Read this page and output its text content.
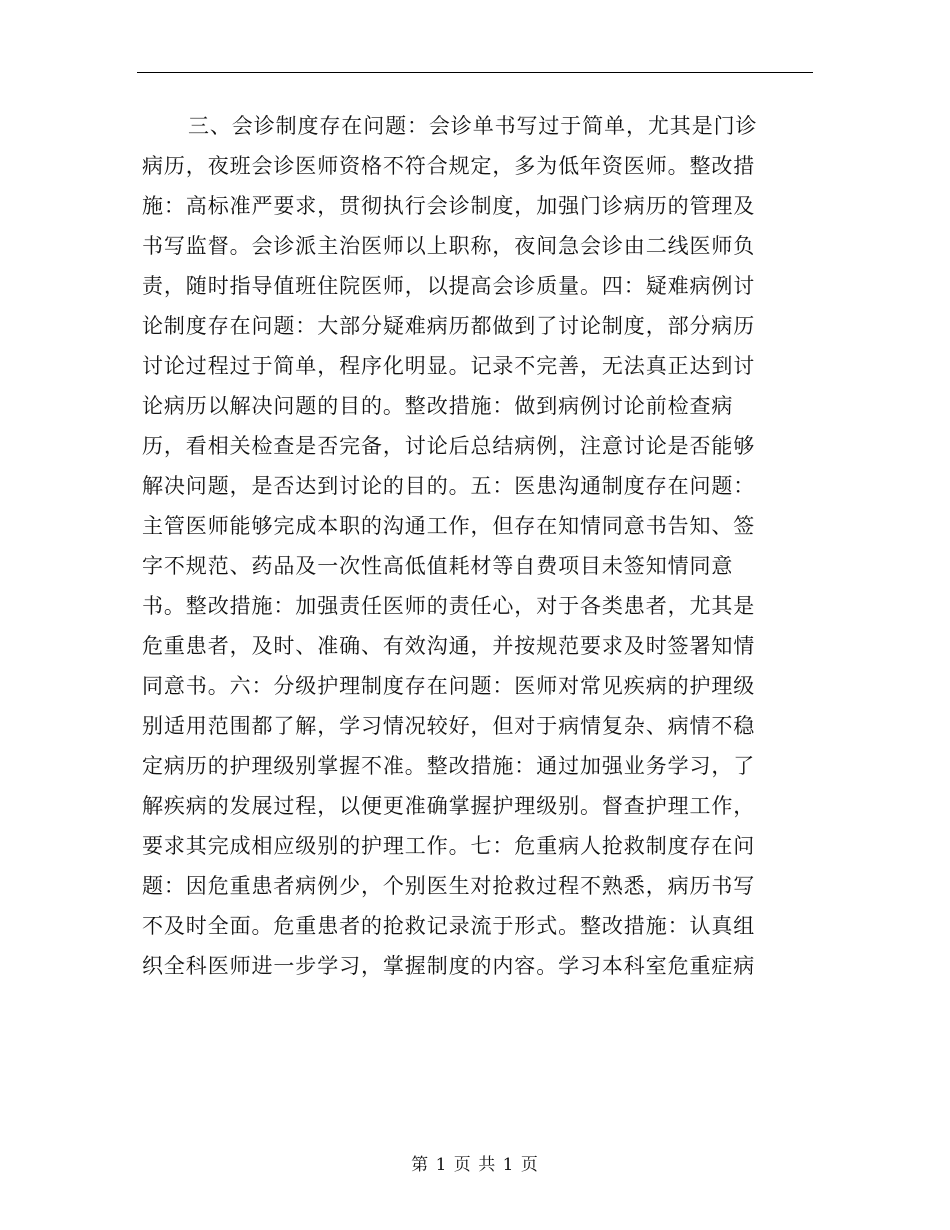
三、会诊制度存在问题：会诊单书写过于简单，尤其是门诊
病历，夜班会诊医师资格不符合规定，多为低年资医师。整改措
施：高标准严要求，贯彻执行会诊制度，加强门诊病历的管理及
书写监督。会诊派主治医师以上职称，夜间急会诊由二线医师负
责，随时指导值班住院医师，以提高会诊质量。四：疑难病例讨
论制度存在问题：大部分疑难病历都做到了讨论制度，部分病历
讨论过程过于简单，程序化明显。记录不完善，无法真正达到讨
论病历以解决问题的目的。整改措施：做到病例讨论前检查病
历，看相关检查是否完备，讨论后总结病例，注意讨论是否能够
解决问题，是否达到讨论的目的。五：医患沟通制度存在问题：
主管医师能够完成本职的沟通工作，但存在知情同意书告知、签
字不规范、药品及一次性高低值耗材等自费项目未签知情同意
书。整改措施：加强责任医师的责任心，对于各类患者，尤其是
危重患者，及时、准确、有效沟通，并按规范要求及时签署知情
同意书。六：分级护理制度存在问题：医师对常见疾病的护理级
别适用范围都了解，学习情况较好，但对于病情复杂、病情不稳
定病历的护理级别掌握不准。整改措施：通过加强业务学习，了
解疾病的发展过程，以便更准确掌握护理级别。督查护理工作，
要求其完成相应级别的护理工作。七：危重病人抢救制度存在问
题：因危重患者病例少，个别医生对抢救过程不熟悉，病历书写
不及时全面。危重患者的抢救记录流于形式。整改措施：认真组
织全科医师进一步学习，掌握制度的内容。学习本科室危重症病
第 1 页 共 1 页
